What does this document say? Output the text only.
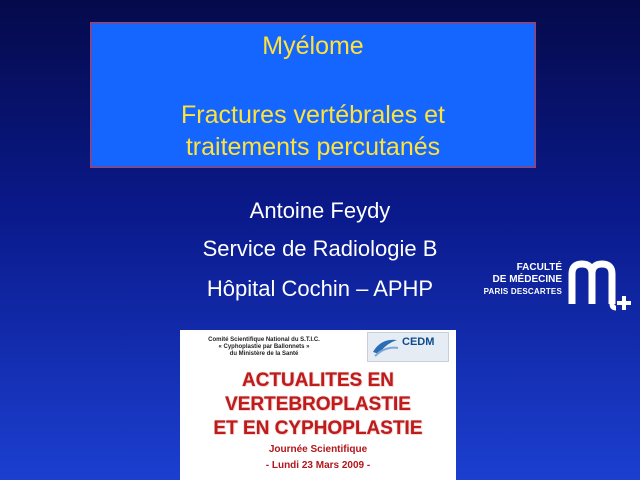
Myélome
Fractures vertébrales et
traitements percutanés
Antoine Feydy
Service de Radiologie B
Hôpital Cochin – APHP
FACULTÉ
DE MÉDECINE
PARIS DESCARTES
Comité Scientifique National du S.T.I.C.
« Cyphoplastie par Ballonnets »
du Ministère de la Santé
CEDM
ACTUALITES EN
VERTEBROPLASTIE
ET EN CYPHOPLASTIE
Journée Scientifique
- Lundi 23 Mars 2009 -
